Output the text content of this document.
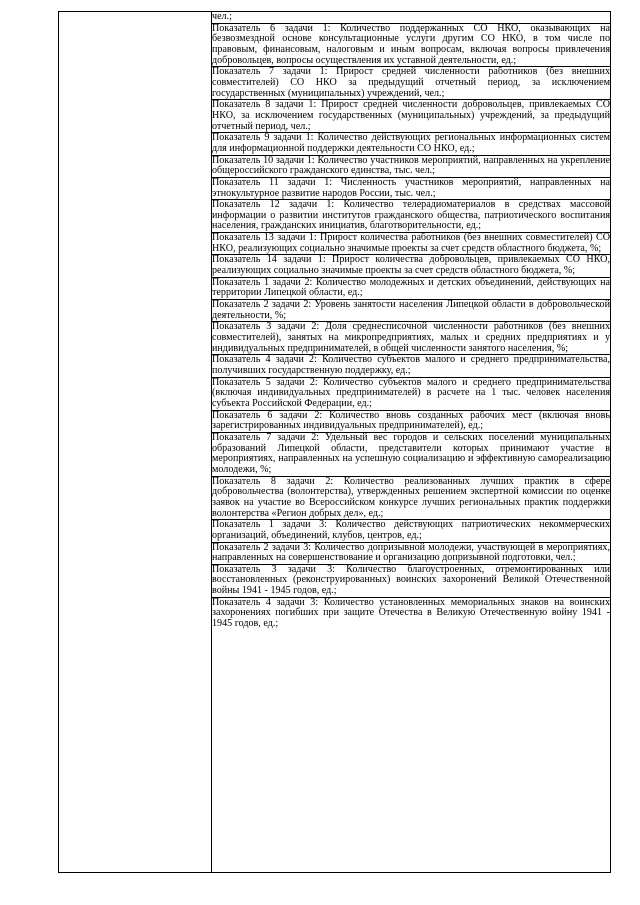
чел.;

Показатель 6 задачи 1: Количество поддержанных СО НКО, оказывающих на безвозмездной основе консультационные услуги другим СО НКО, в том числе по правовым, финансовым, налоговым и иным вопросам, включая вопросы привлечения добровольцев, вопросы осуществления их уставной деятельности, ед.;

Показатель 7 задачи 1: Прирост средней численности работников (без внешних совместителей) СО НКО за предыдущий отчетный период, за исключением государственных (муниципальных) учреждений, чел.;

Показатель 8 задачи 1: Прирост средней численности добровольцев, привлекаемых СО НКО, за исключением государственных (муниципальных) учреждений, за предыдущий отчетный период, чел.;

Показатель 9 задачи 1: Количество действующих региональных информационных систем для информационной поддержки деятельности СО НКО, ед.;

Показатель 10 задачи 1: Количество участников мероприятий, направленных на укрепление общероссийского гражданского единства, тыс. чел.;

Показатель 11 задачи 1: Численность участников мероприятий, направленных на этнокультурное развитие народов России, тыс. чел.;

Показатель 12 задачи 1: Количество телерадиоматериалов в средствах массовой информации о развитии институтов гражданского общества, патриотического воспитания населения, гражданских инициатив, благотворительности, ед.;

Показатель 13 задачи 1: Прирост количества работников (без внешних совместителей) СО НКО, реализующих социально значимые проекты за счет средств областного бюджета, %;

Показатель 14 задачи 1: Прирост количества добровольцев, привлекаемых СО НКО, реализующих социально значимые проекты за счет средств областного бюджета, %;

Показатель 1 задачи 2: Количество молодежных и детских объединений, действующих на территории Липецкой области, ед.;

Показатель 2 задачи 2: Уровень занятости населения Липецкой области в добровольческой деятельности, %;

Показатель 3 задачи 2: Доля среднесписочной численности работников (без внешних совместителей), занятых на микропредприятиях, малых и средних предприятиях и у индивидуальных предпринимателей, в общей численности занятого населения, %;

Показатель 4 задачи 2: Количество субъектов малого и среднего предпринимательства, получивших государственную поддержку, ед.;

Показатель 5 задачи 2: Количество субъектов малого и среднего предпринимательства (включая индивидуальных предпринимателей) в расчете на 1 тыс. человек населения субъекта Российской Федерации, ед.;

Показатель 6 задачи 2: Количество вновь созданных рабочих мест (включая вновь зарегистрированных индивидуальных предпринимателей), ед.;

Показатель 7 задачи 2: Удельный вес городов и сельских поселений муниципальных образований Липецкой области, представители которых принимают участие в мероприятиях, направленных на успешную социализацию и эффективную самореализацию молодежи, %;

Показатель 8 задачи 2: Количество реализованных лучших практик в сфере добровольчества (волонтерства), утвержденных решением экспертной комиссии по оценке заявок на участие во Всероссийском конкурсе лучших региональных практик поддержки волонтерства «Регион добрых дел», ед.;

Показатель 1 задачи 3: Количество действующих патриотических некоммерческих организаций, объединений, клубов, центров, ед.;

Показатель 2 задачи 3: Количество допризывной молодежи, участвующей в мероприятиях, направленных на совершенствование и организацию допризывной подготовки, чел.;

Показатель 3 задачи 3: Количество благоустроенных, отремонтированных или восстановленных (реконструированных) воинских захоронений Великой Отечественной войны 1941 - 1945 годов, ед.;

Показатель 4 задачи 3: Количество установленных мемориальных знаков на воинских захоронениях погибших при защите Отечества в Великую Отечественную войну 1941 - 1945 годов, ед.;
